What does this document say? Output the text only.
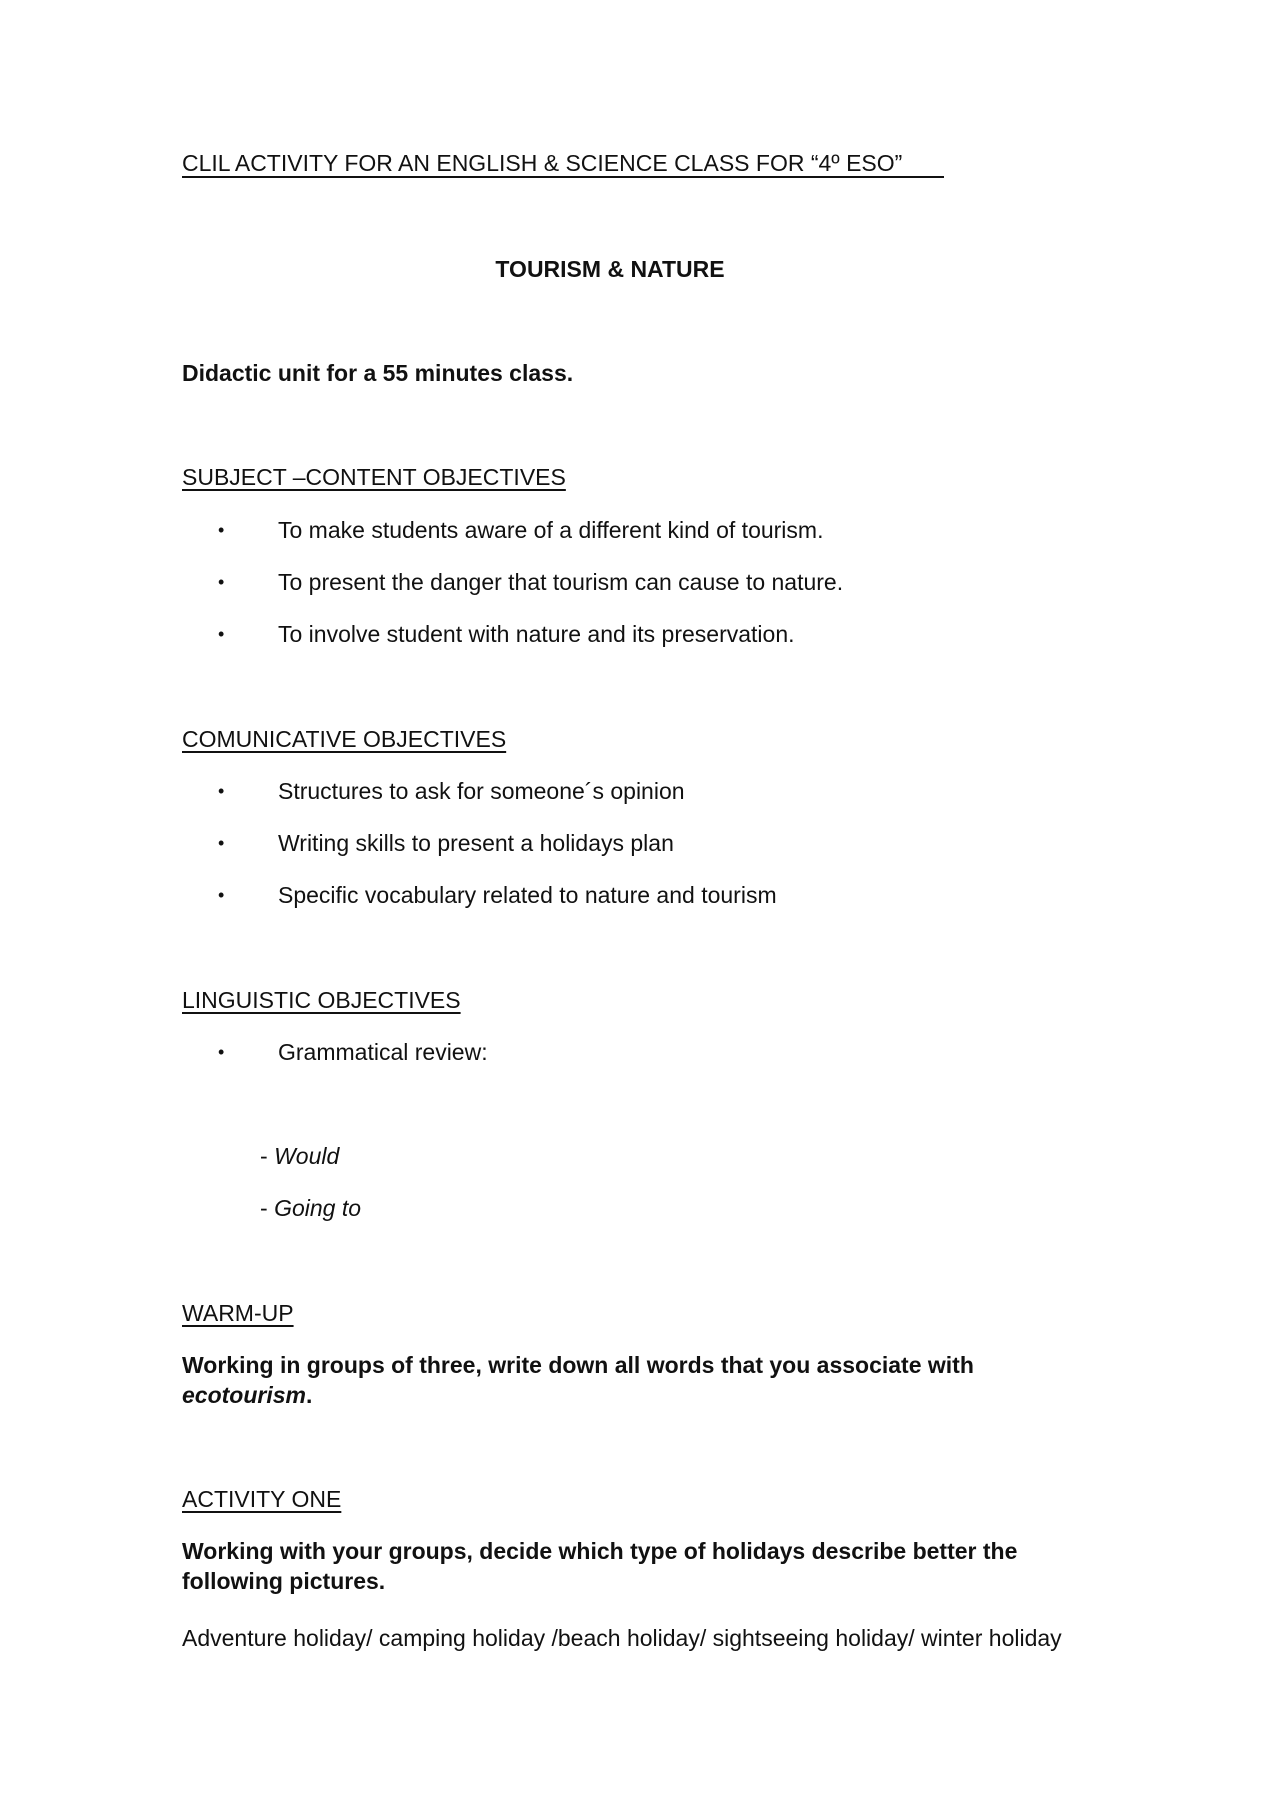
CLIL ACTIVITY FOR AN ENGLISH & SCIENCE CLASS FOR “4º ESO”
TOURISM & NATURE
Didactic unit for a 55 minutes class.
SUBJECT –CONTENT OBJECTIVES
• To make students aware of a different kind of tourism.
• To present the danger that tourism can cause to nature.
• To involve student with nature and its preservation.
COMUNICATIVE OBJECTIVES
• Structures to ask for someone´s opinion
• Writing skills to present a holidays plan
• Specific vocabulary related to nature and tourism
LINGUISTIC OBJECTIVES
• Grammatical review:
- Would
- Going to
WARM-UP
Working in groups of three, write down all words that you associate with
ecotourism.
ACTIVITY ONE
Working with your groups, decide which type of holidays describe better the
following pictures.
Adventure holiday/ camping holiday /beach holiday/ sightseeing holiday/ winter holiday
